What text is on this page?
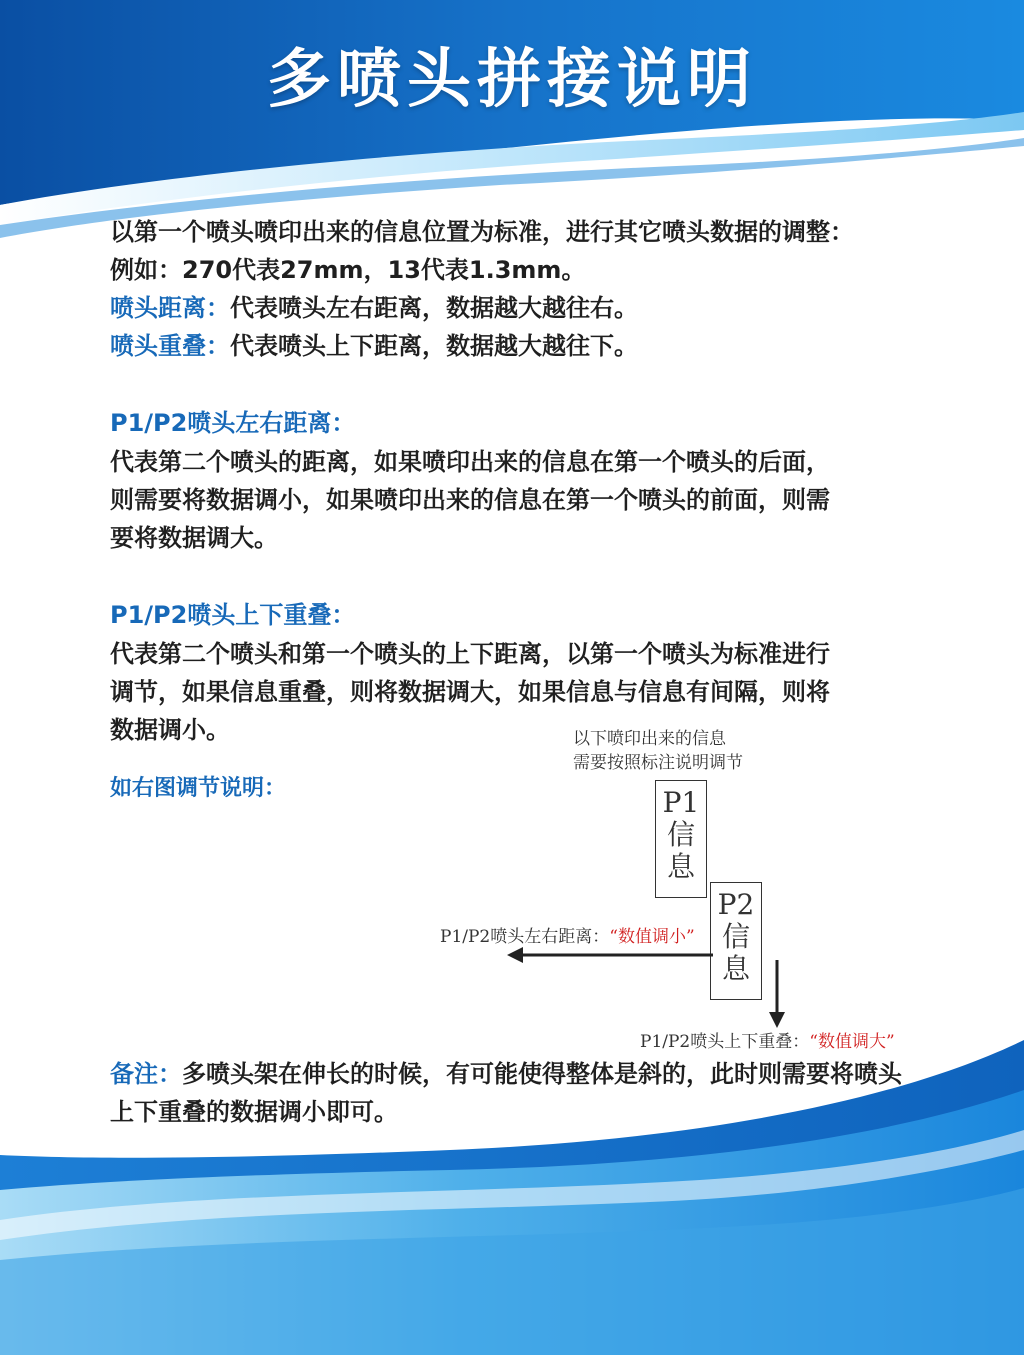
多喷头拼接说明
以第一个喷头喷印出来的信息位置为标准，进行其它喷头数据的调整：
例如：270代表27mm，13代表1.3mm。
喷头距离：代表喷头左右距离，数据越大越往右。
喷头重叠：代表喷头上下距离，数据越大越往下。
P1/P2喷头左右距离：
代表第二个喷头的距离，如果喷印出来的信息在第一个喷头的后面，
则需要将数据调小，如果喷印出来的信息在第一个喷头的前面，则需
要将数据调大。
P1/P2喷头上下重叠：
代表第二个喷头和第一个喷头的上下距离，以第一个喷头为标准进行
调节，如果信息重叠，则将数据调大，如果信息与信息有间隔，则将
数据调小。
如右图调节说明：
以下喷印出来的信息
需要按照标注说明调节
P1
信
息
P2
信
息
P1/P2喷头左右距离：“数值调小”
P1/P2喷头上下重叠：“数值调大”
备注：多喷头架在伸长的时候，有可能使得整体是斜的，此时则需要将喷头上下重叠的数据调小即可。
